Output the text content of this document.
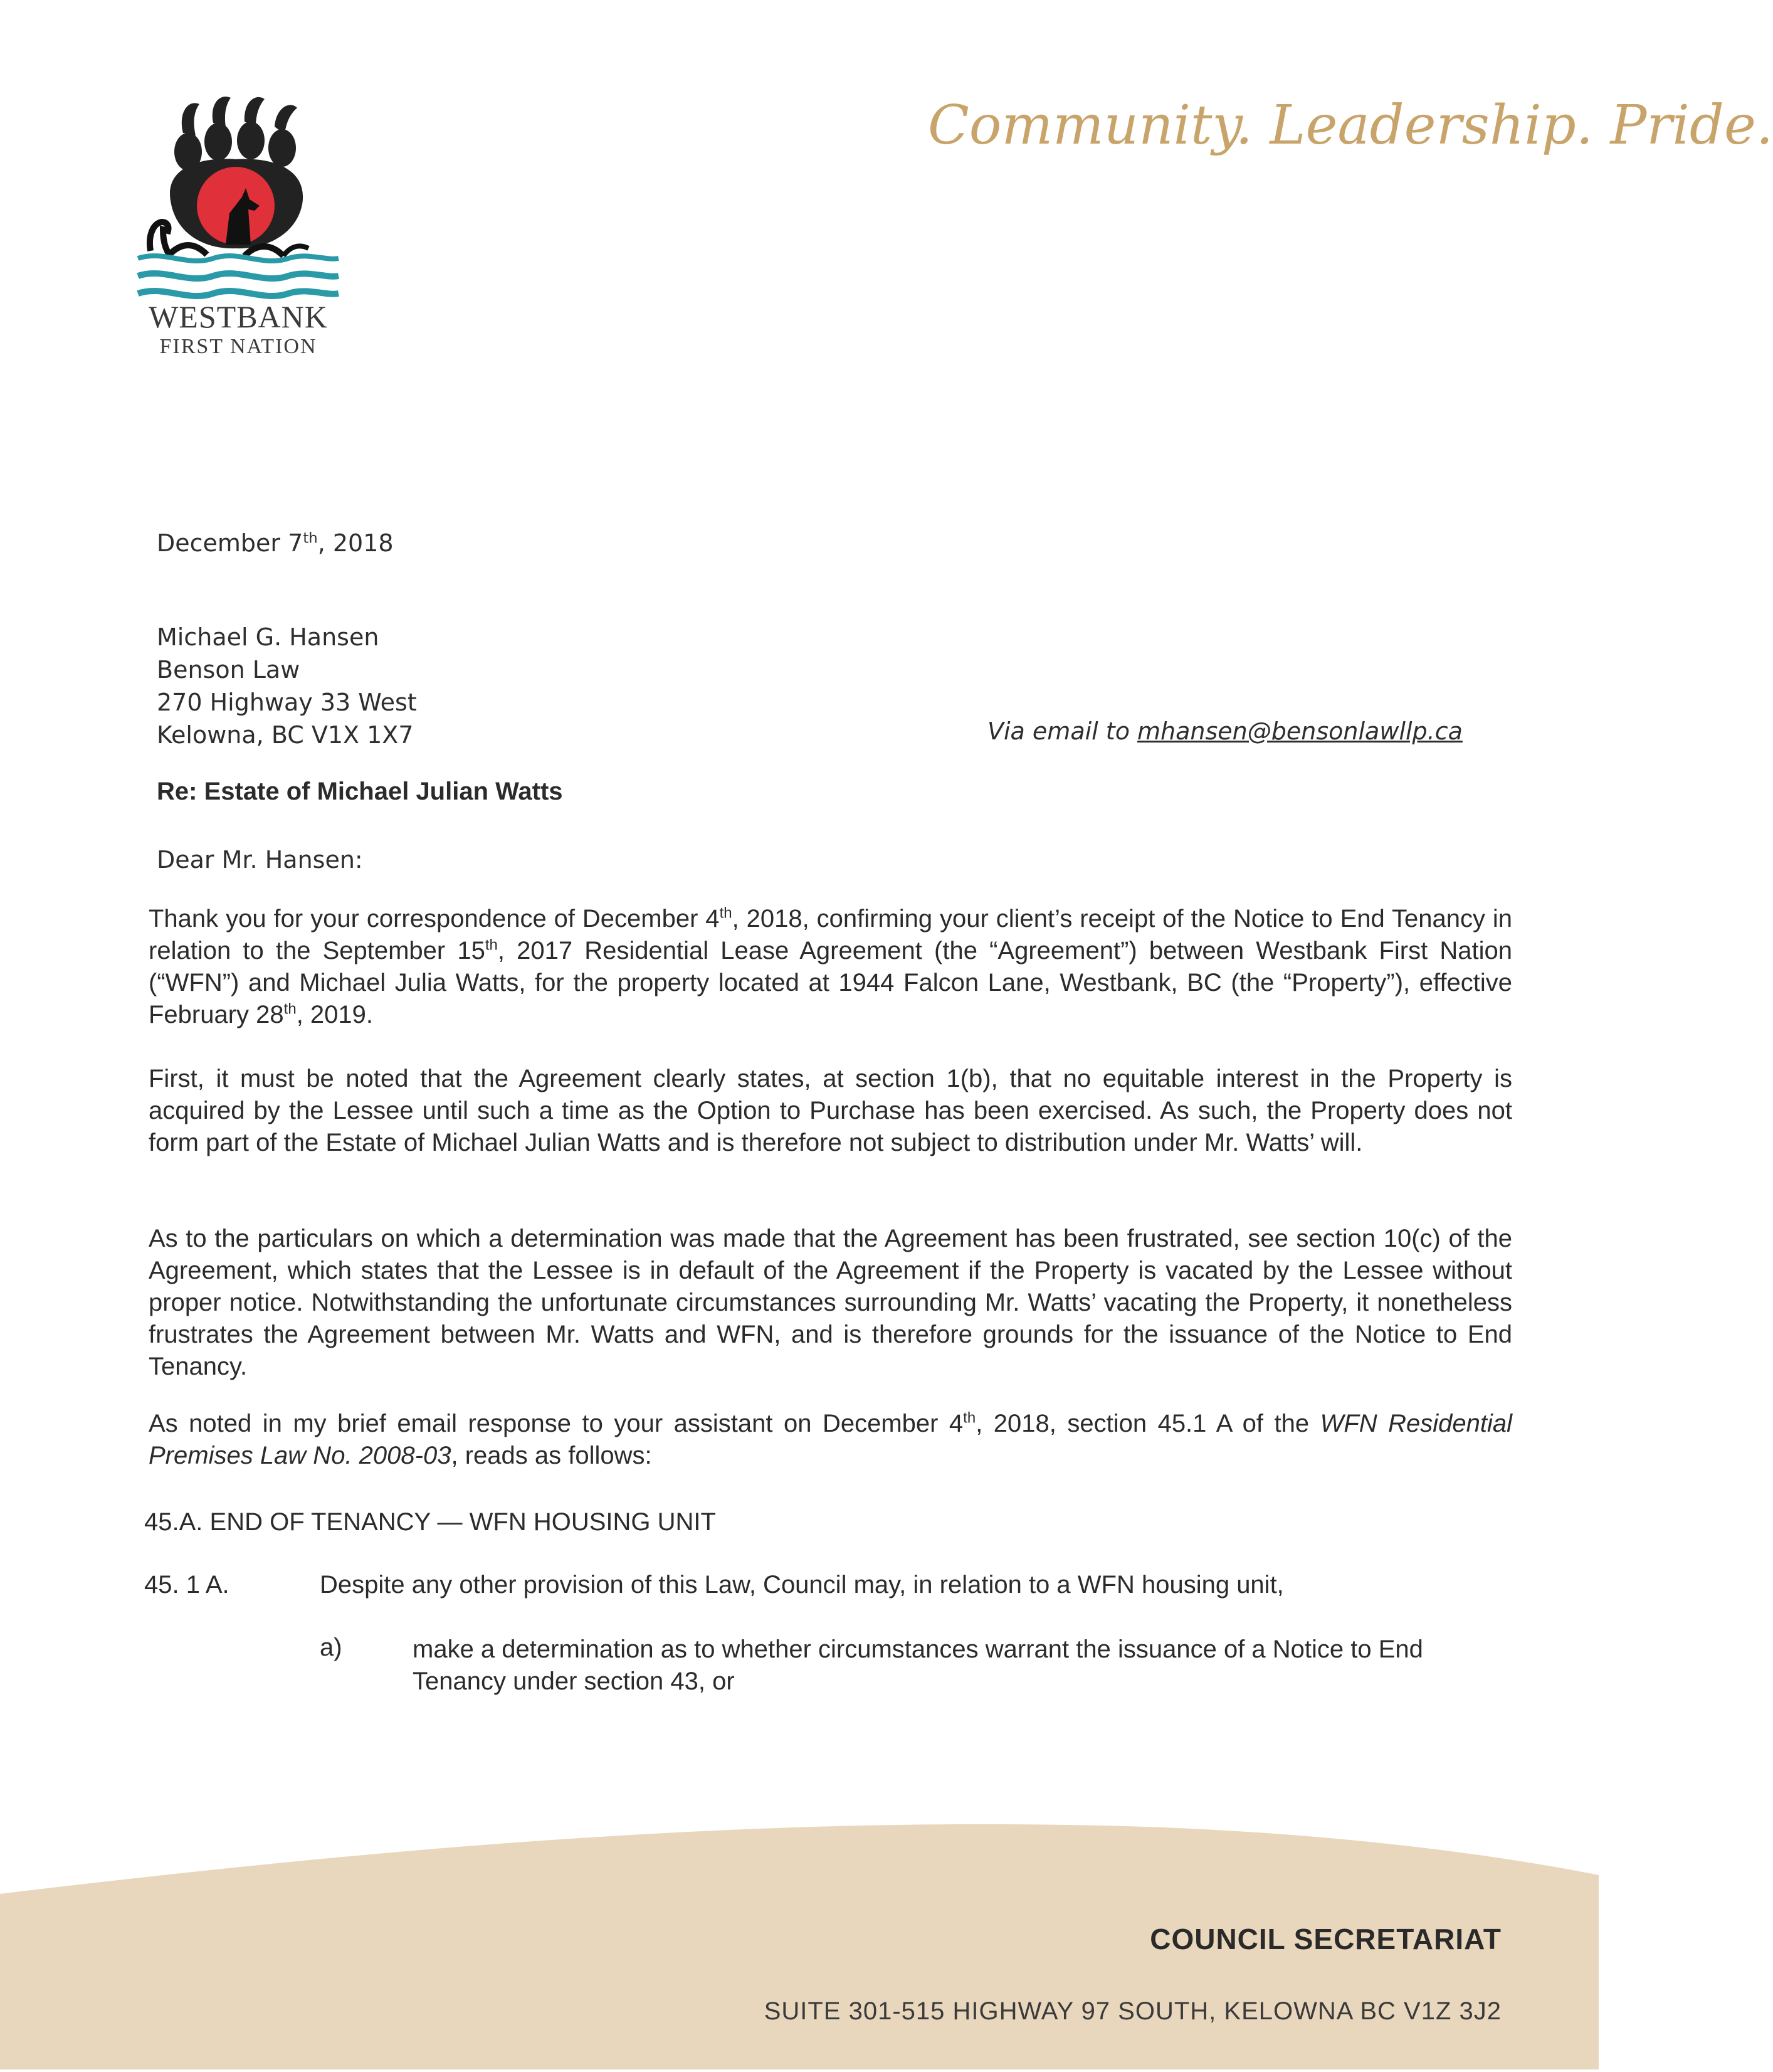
WESTBANK
FIRST NATION
Community. Leadership. Pride.
December 7th, 2018
Michael G. Hansen
Benson Law
270 Highway 33 West
Kelowna, BC V1X 1X7	Via email to mhansen@bensonlawllp.ca
Re: Estate of Michael Julian Watts
Dear Mr. Hansen:
Thank you for your correspondence of December 4th, 2018, confirming your client’s receipt of the Notice to End Tenancy in relation to the September 15th, 2017 Residential Lease Agreement (the “Agreement”) between Westbank First Nation (“WFN”) and Michael Julia Watts, for the property located at 1944 Falcon Lane, Westbank, BC (the “Property”), effective February 28th, 2019.
First, it must be noted that the Agreement clearly states, at section 1(b), that no equitable interest in the Property is acquired by the Lessee until such a time as the Option to Purchase has been exercised. As such, the Property does not form part of the Estate of Michael Julian Watts and is therefore not subject to distribution under Mr. Watts’ will.
As to the particulars on which a determination was made that the Agreement has been frustrated, see section 10(c) of the Agreement, which states that the Lessee is in default of the Agreement if the Property is vacated by the Lessee without proper notice. Notwithstanding the unfortunate circumstances surrounding Mr. Watts’ vacating the Property, it nonetheless frustrates the Agreement between Mr. Watts and WFN, and is therefore grounds for the issuance of the Notice to End Tenancy.
As noted in my brief email response to your assistant on December 4th, 2018, section 45.1 A of the WFN Residential Premises Law No. 2008-03, reads as follows:
45.A. END OF TENANCY — WFN HOUSING UNIT
45. 1 A.	Despite any other provision of this Law, Council may, in relation to a WFN housing unit,
a)	make a determination as to whether circumstances warrant the issuance of a Notice to End Tenancy under section 43, or
COUNCIL SECRETARIAT
SUITE 301-515 HIGHWAY 97 SOUTH, KELOWNA BC V1Z 3J2
